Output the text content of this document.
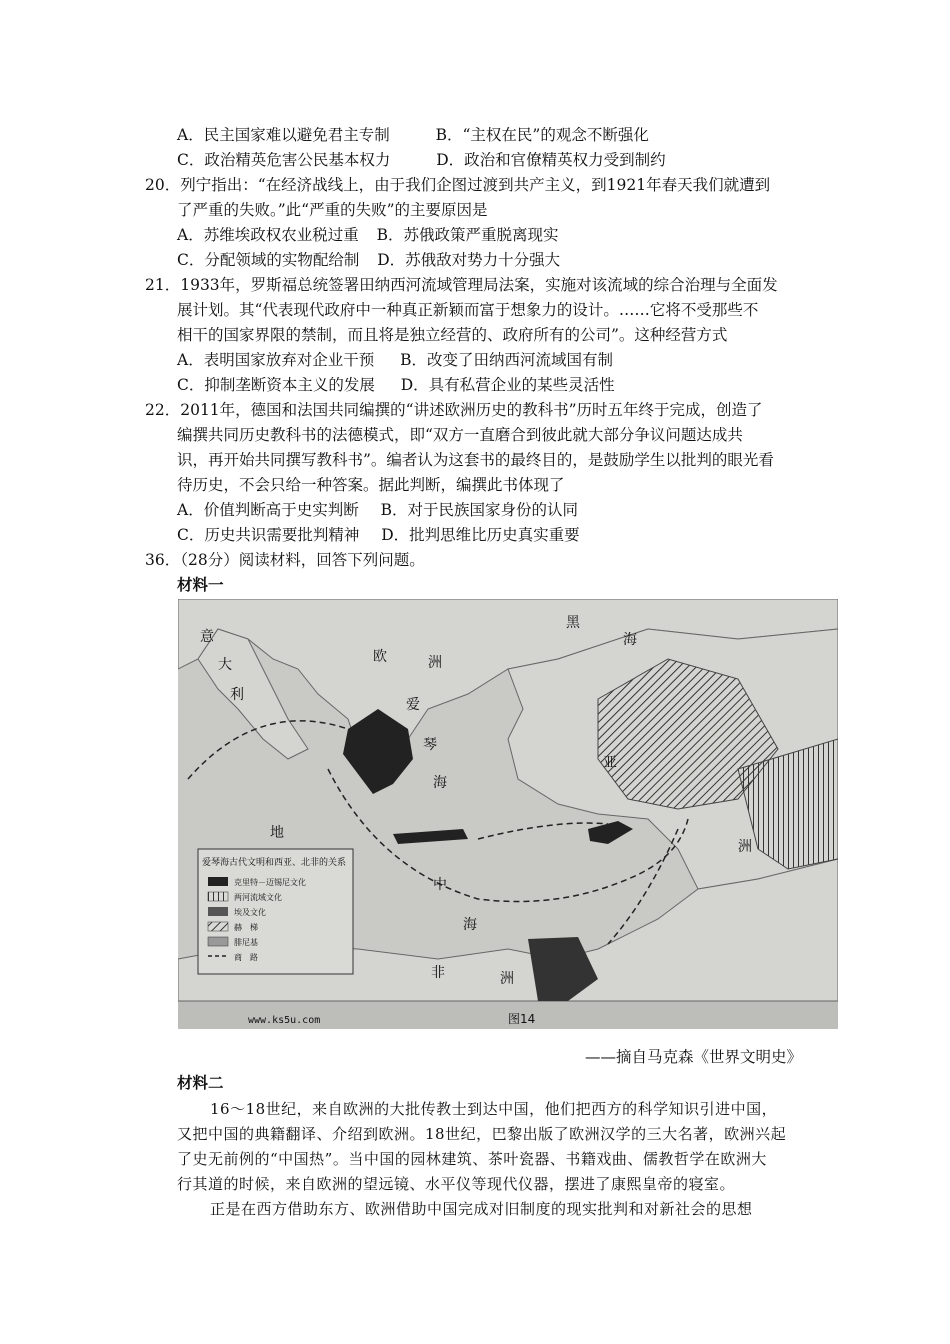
A．民主国家难以避免君主专制	B．“主权在民”的观念不断强化
C．政治精英危害公民基本权力	D．政治和官僚精英权力受到制约
20．列宁指出：“在经济战线上，由于我们企图过渡到共产主义，到1921年春天我们就遭到
了严重的失败。”此“严重的失败”的主要原因是
A．苏维埃政权农业税过重 B．苏俄政策严重脱离现实
C．分配领域的实物配给制 D．苏俄敌对势力十分强大
21．1933年，罗斯福总统签署田纳西河流域管理局法案，实施对该流域的综合治理与全面发
展计划。其“代表现代政府中一种真正新颖而富于想象力的设计。……它将不受那些不
相干的国家界限的禁制，而且将是独立经营的、政府所有的公司”。这种经营方式
A．表明国家放弃对企业干预 B．改变了田纳西河流域国有制
C．抑制垄断资本主义的发展 D．具有私营企业的某些灵活性
22．2011年，德国和法国共同编撰的“讲述欧洲历史的教科书”历时五年终于完成，创造了
编撰共同历史教科书的法德模式，即“双方一直磨合到彼此就大部分争议问题达成共
识，再开始共同撰写教科书”。编者认为这套书的最终目的，是鼓励学生以批判的眼光看
待历史，不会只给一种答案。据此判断，编撰此书体现了
A．价值判断高于史实判断 B．对于民族国家身份的认同
C．历史共识需要批判精神 D．批判思维比历史真实重要
36．（28分）阅读材料，回答下列问题。
材料一
黑
海
欧	洲
意
大
利
亚
洲
爱
琴
海
地
中
海
非	洲
爱琴海古代文明和西亚、北非的关系
克里特－迈锡尼文化
两河流域文化
埃及文化
赫　梯
腓尼基
商　路
www.ks5u.com	图14
——摘自马克森《世界文明史》
材料二
16～18世纪，来自欧洲的大批传教士到达中国，他们把西方的科学知识引进中国，
又把中国的典籍翻译、介绍到欧洲。18世纪，巴黎出版了欧洲汉学的三大名著，欧洲兴起
了史无前例的“中国热”。当中国的园林建筑、茶叶瓷器、书籍戏曲、儒教哲学在欧洲大
行其道的时候，来自欧洲的望远镜、水平仪等现代仪器，摆进了康熙皇帝的寝室。
正是在西方借助东方、欧洲借助中国完成对旧制度的现实批判和对新社会的思想
